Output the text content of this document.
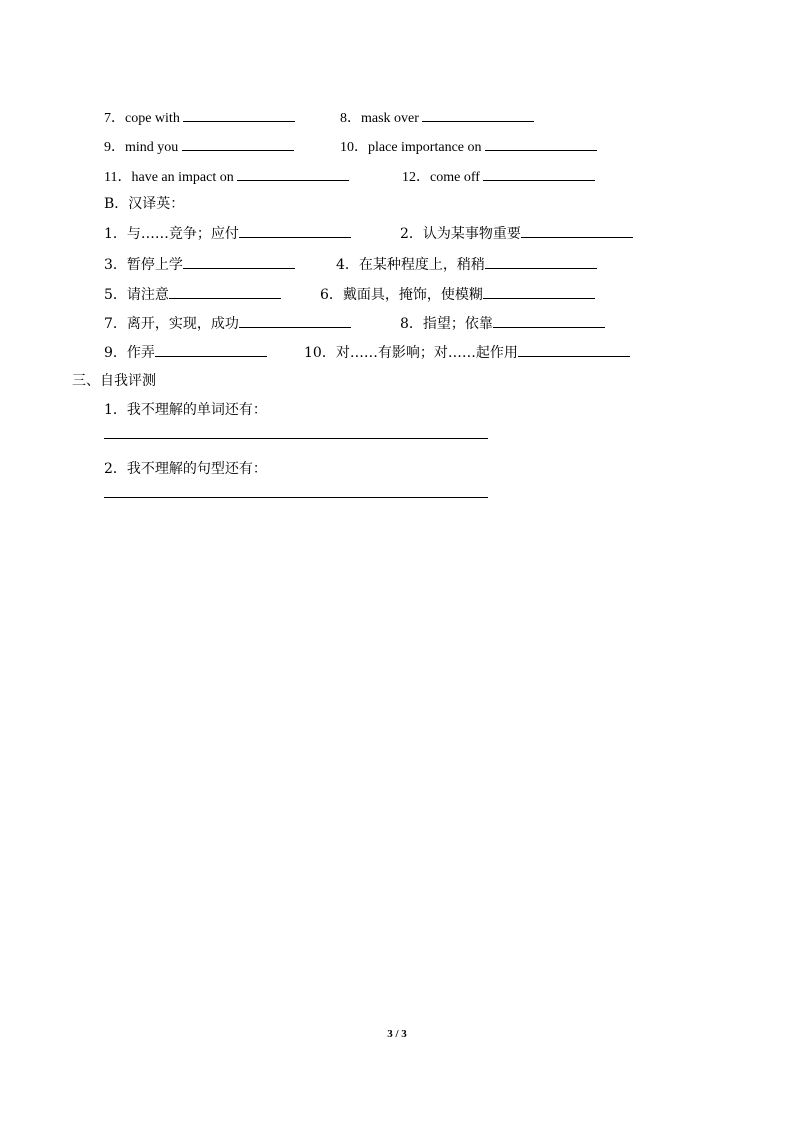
7．cope with	8．mask over
9．mind you	10．place importance on
11．have an impact on	12．come off
B．汉译英：
1．与……竞争；应付	2．认为某事物重要
3．暂停上学	4．在某种程度上，稍稍
5．请注意	6．戴面具，掩饰，使模糊
7．离开，实现，成功	8．指望；依靠
9．作弄	10．对……有影响；对……起作用
三、自我评测
1．我不理解的单词还有：
2．我不理解的句型还有：
3 / 3
